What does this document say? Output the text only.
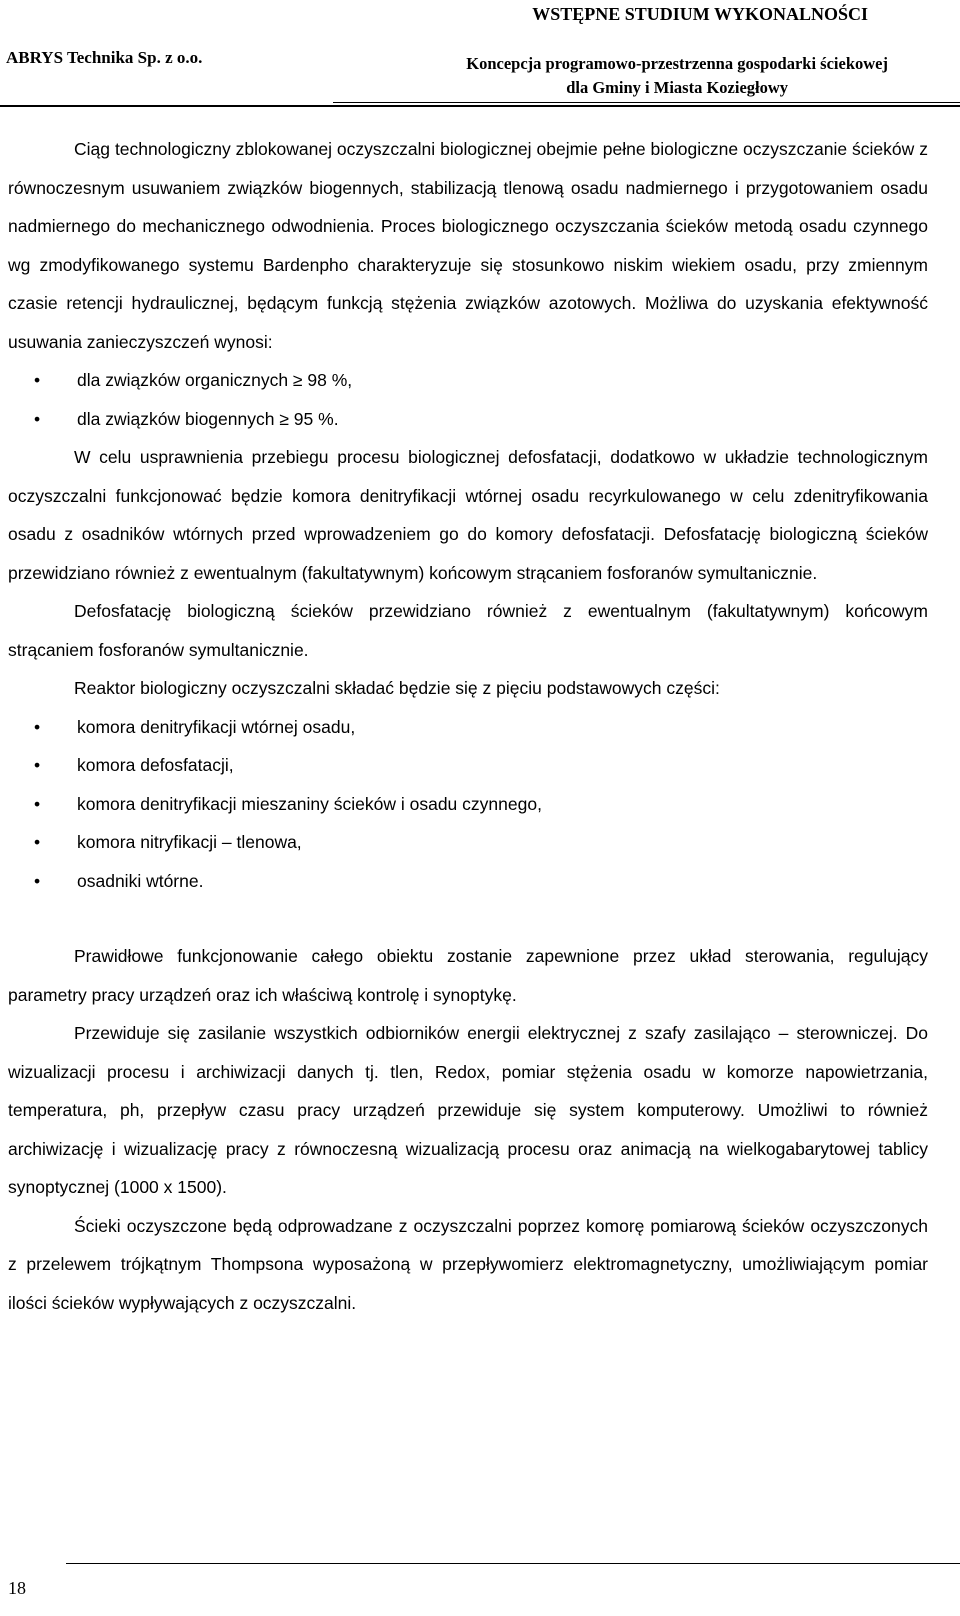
WSTĘPNE STUDIUM WYKONALNOŚCI
ABRYS Technika Sp. z o.o.	Koncepcja programowo-przestrzenna gospodarki ściekowej
dla Gminy i Miasta Koziegłowy

Ciąg technologiczny zblokowanej oczyszczalni biologicznej obejmie pełne biologiczne oczyszczanie ścieków z równoczesnym usuwaniem związków biogennych, stabilizacją tlenową osadu nadmiernego i przygotowaniem osadu nadmiernego do mechanicznego odwodnienia. Proces biologicznego oczyszczania ścieków metodą osadu czynnego wg zmodyfikowanego systemu Bardenpho charakteryzuje się stosunkowo niskim wiekiem osadu, przy zmiennym czasie retencji hydraulicznej, będącym funkcją stężenia związków azotowych. Możliwa do uzyskania efektywność usuwania zanieczyszczeń wynosi:

• dla związków organicznych ≥ 98 %,
• dla związków biogennych ≥ 95 %.

W celu usprawnienia przebiegu procesu biologicznej defosfatacji, dodatkowo w układzie technologicznym oczyszczalni funkcjonować będzie komora denitryfikacji wtórnej osadu recyrkulowanego w celu zdenitryfikowania osadu z osadników wtórnych przed wprowadzeniem go do komory defosfatacji. Defosfatację biologiczną ścieków przewidziano również z ewentualnym (fakultatywnym) końcowym strącaniem fosforanów symultanicznie.

Defosfatację biologiczną ścieków przewidziano również z ewentualnym (fakultatywnym) końcowym strącaniem fosforanów symultanicznie.

Reaktor biologiczny oczyszczalni składać będzie się z pięciu podstawowych części:

• komora denitryfikacji wtórnej osadu,
• komora defosfatacji,
• komora denitryfikacji mieszaniny ścieków i osadu czynnego,
• komora nitryfikacji – tlenowa,
• osadniki wtórne.

Prawidłowe funkcjonowanie całego obiektu zostanie zapewnione przez układ sterowania, regulujący parametry pracy urządzeń oraz ich właściwą kontrolę i synoptykę.

Przewiduje się zasilanie wszystkich odbiorników energii elektrycznej z szafy zasilająco – sterowniczej. Do wizualizacji procesu i archiwizacji danych tj. tlen, Redox, pomiar stężenia osadu w komorze napowietrzania, temperatura, ph, przepływ czasu pracy urządzeń przewiduje się system komputerowy. Umożliwi to również archiwizację i wizualizację pracy z równoczesną wizualizacją procesu oraz animacją na wielkogabarytowej tablicy synoptycznej (1000 x 1500).

Ścieki oczyszczone będą odprowadzane z oczyszczalni poprzez komorę pomiarową ścieków oczyszczonych z przelewem trójkątnym Thompsona wyposażoną w przepływomierz elektromagnetyczny, umożliwiającym pomiar ilości ścieków wypływających z oczyszczalni.

18
